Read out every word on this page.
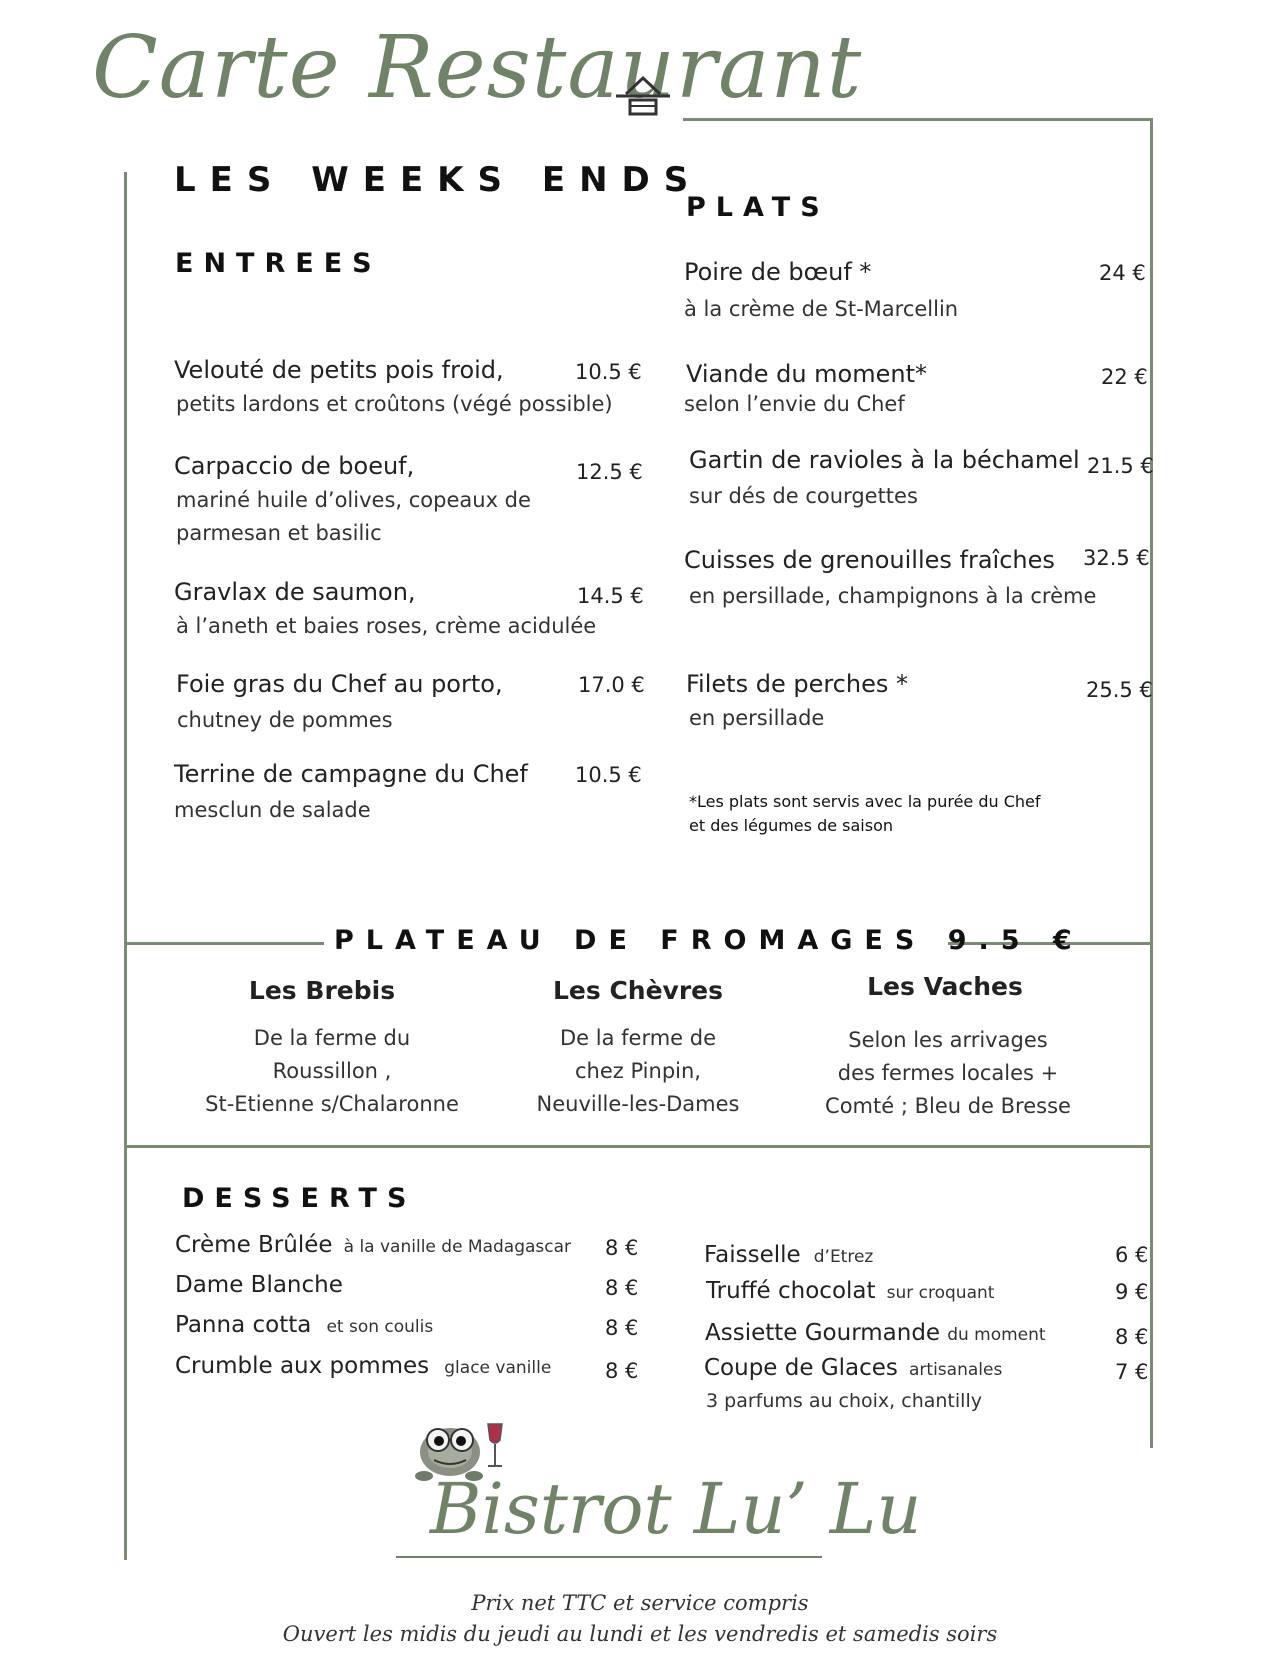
Carte Restaurant
LES WEEKS ENDS
ENTREES
Velouté de petits pois froid,	10.5 €
petits lardons et croûtons (végé possible)
Carpaccio de boeuf,	12.5 €
mariné huile d’olives, copeaux de
parmesan et basilic
Gravlax de saumon,	14.5 €
à l’aneth et baies roses, crème acidulée
Foie gras du Chef au porto,	17.0 €
chutney de pommes
Terrine de campagne du Chef 10.5 €
mesclun de salade
PLATS
Poire de bœuf *	24 €
à la crème de St-Marcellin
Viande du moment*	22 €
selon l’envie du Chef
Gartin de ravioles à la béchamel 21.5 €
sur dés de courgettes
Cuisses de grenouilles fraîches 32.5 €
en persillade, champignons à la crème
Filets de perches *	25.5 €
en persillade
*Les plats sont servis avec la purée du Chef
et des légumes de saison
PLATEAU DE FROMAGES 9.5 €
Les Brebis
De la ferme du
Roussillon ,
St-Etienne s/Chalaronne
Les Chèvres
De la ferme de
chez Pinpin,
Neuville-les-Dames
Les Vaches
Selon les arrivages
des fermes locales +
Comté ; Bleu de Bresse
DESSERTS
Crème Brûlée à la vanille de Madagascar 8 €
Dame Blanche	8 €
Panna cotta et son coulis	8 €
Crumble aux pommes glace vanille	8 €
Faisselle d’Etrez	6 €
Truffé chocolat sur croquant	9 €
Assiette Gourmande du moment	8 €
Coupe de Glaces artisanales	7 €
3 parfums au choix, chantilly
Bistrot Lu’ Lu
Prix net TTC et service compris
Ouvert les midis du jeudi au lundi et les vendredis et samedis soirs
